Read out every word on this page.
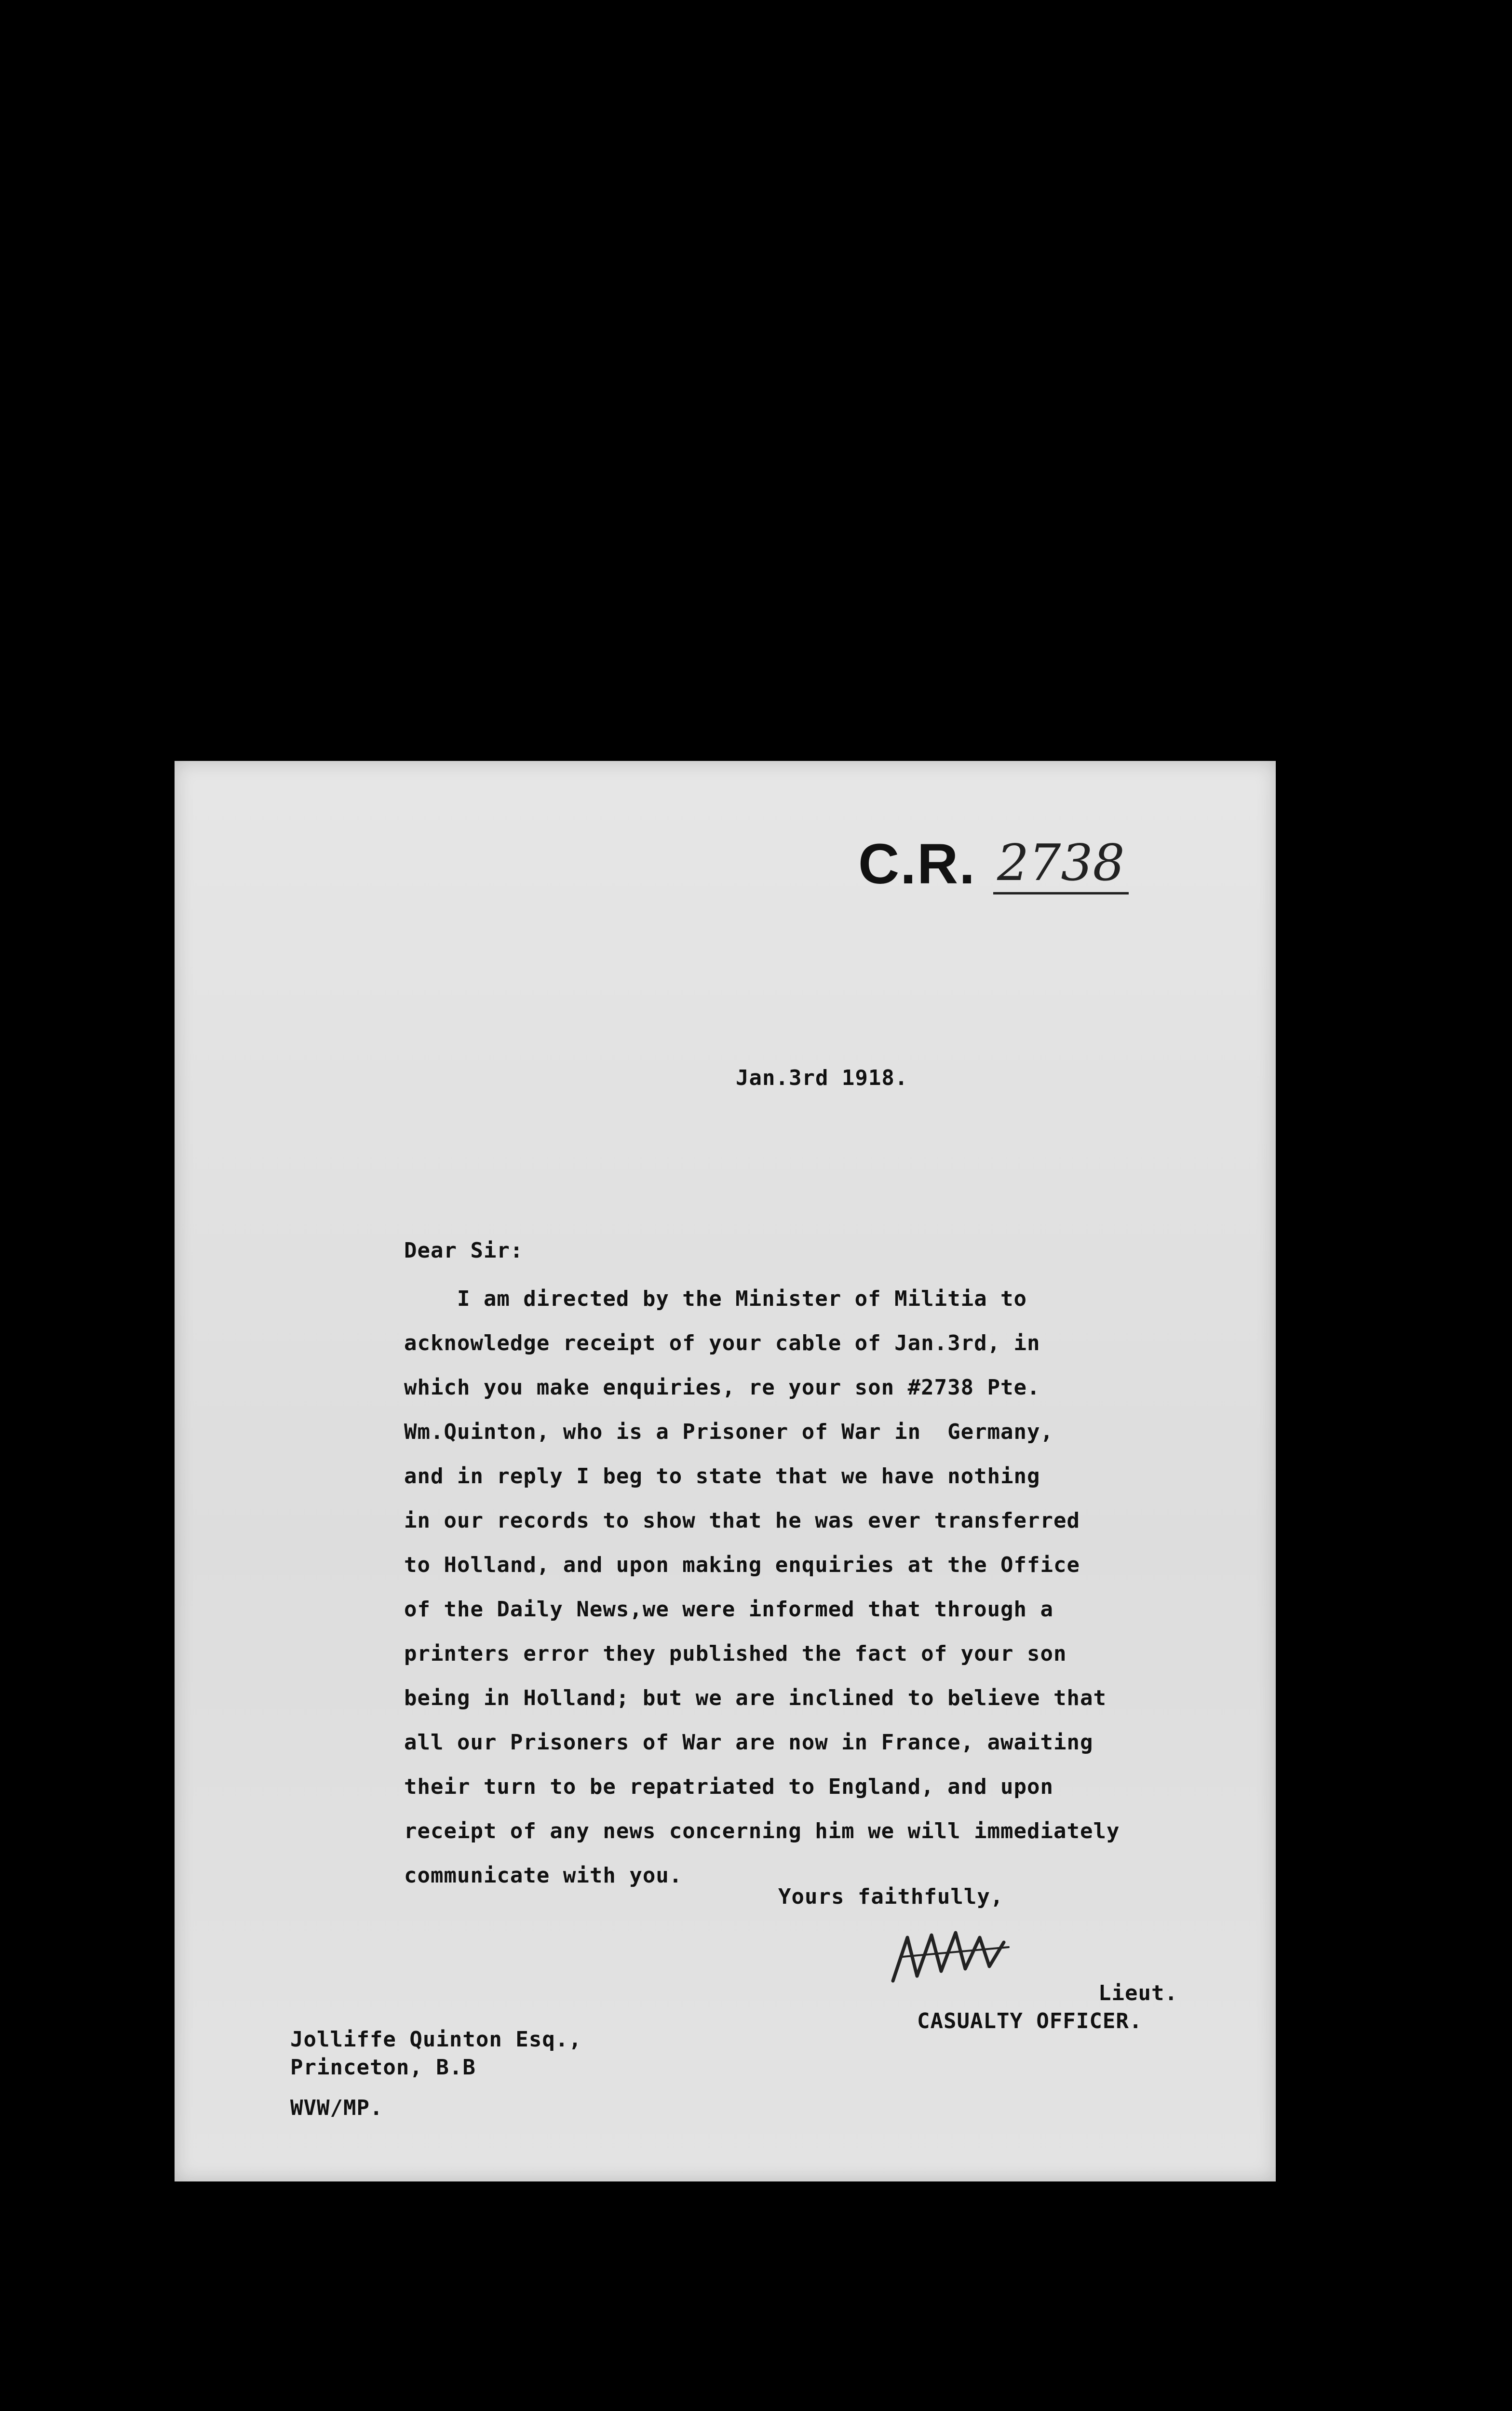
C.R. 2738
Jan.3rd 1918.
Dear Sir:
I am directed by the Minister of Militia to
acknowledge receipt of your cable of Jan.3rd, in
which you make enquiries, re your son #2738 Pte.
Wm.Quinton, who is a Prisoner of War in  Germany,
and in reply I beg to state that we have nothing
in our records to show that he was ever transferred
to Holland, and upon making enquiries at the Office
of the Daily News,we were informed that through a
printers error they published the fact of your son
being in Holland; but we are inclined to believe that
all our Prisoners of War are now in France, awaiting
their turn to be repatriated to England, and upon
receipt of any news concerning him we will immediately
communicate with you.
Yours faithfully,
Lieut.
CASUALTY OFFICER.
Jolliffe Quinton Esq.,
Princeton, B.B
WVW/MP.
